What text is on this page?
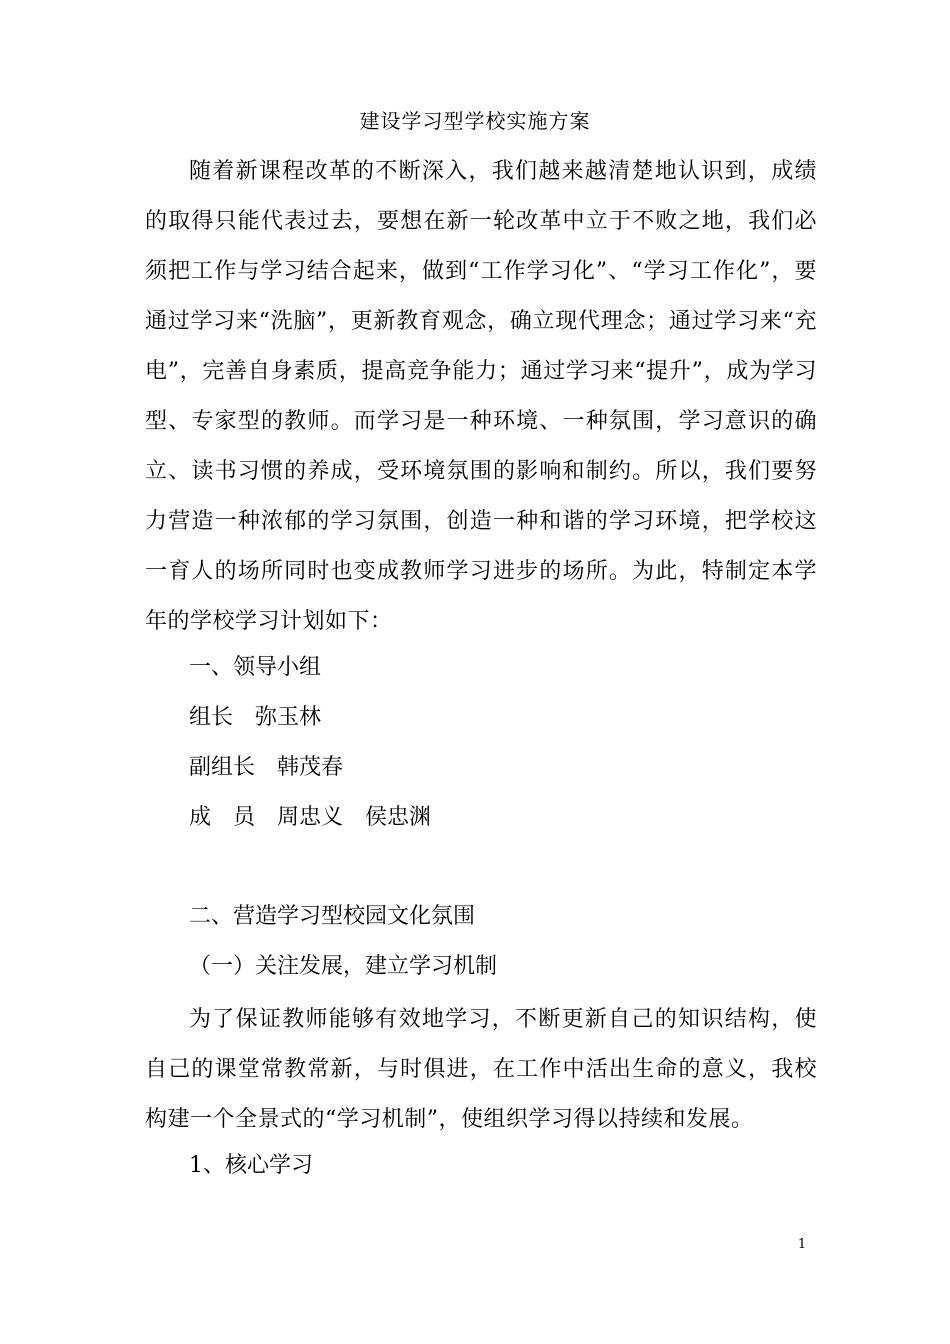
建设学习型学校实施方案
随着新课程改革的不断深入，我们越来越清楚地认识到，成绩的取得只能代表过去，要想在新一轮改革中立于不败之地，我们必须把工作与学习结合起来，做到“工作学习化”、“学习工作化”，要通过学习来“洗脑”，更新教育观念，确立现代理念；通过学习来“充电”，完善自身素质，提高竞争能力；通过学习来“提升”，成为学习型、专家型的教师。而学习是一种环境、一种氛围，学习意识的确立、读书习惯的养成，受环境氛围的影响和制约。所以，我们要努力营造一种浓郁的学习氛围，创造一种和谐的学习环境，把学校这一育人的场所同时也变成教师学习进步的场所。为此，特制定本学年的学校学习计划如下：
一、领导小组
组长　弥玉林
副组长　韩茂春
成　员　周忠义　侯忠渊
二、营造学习型校园文化氛围
（一）关注发展，建立学习机制
为了保证教师能够有效地学习，不断更新自己的知识结构，使自己的课堂常教常新，与时俱进，在工作中活出生命的意义，我校构建一个全景式的“学习机制”，使组织学习得以持续和发展。
1、核心学习
1
